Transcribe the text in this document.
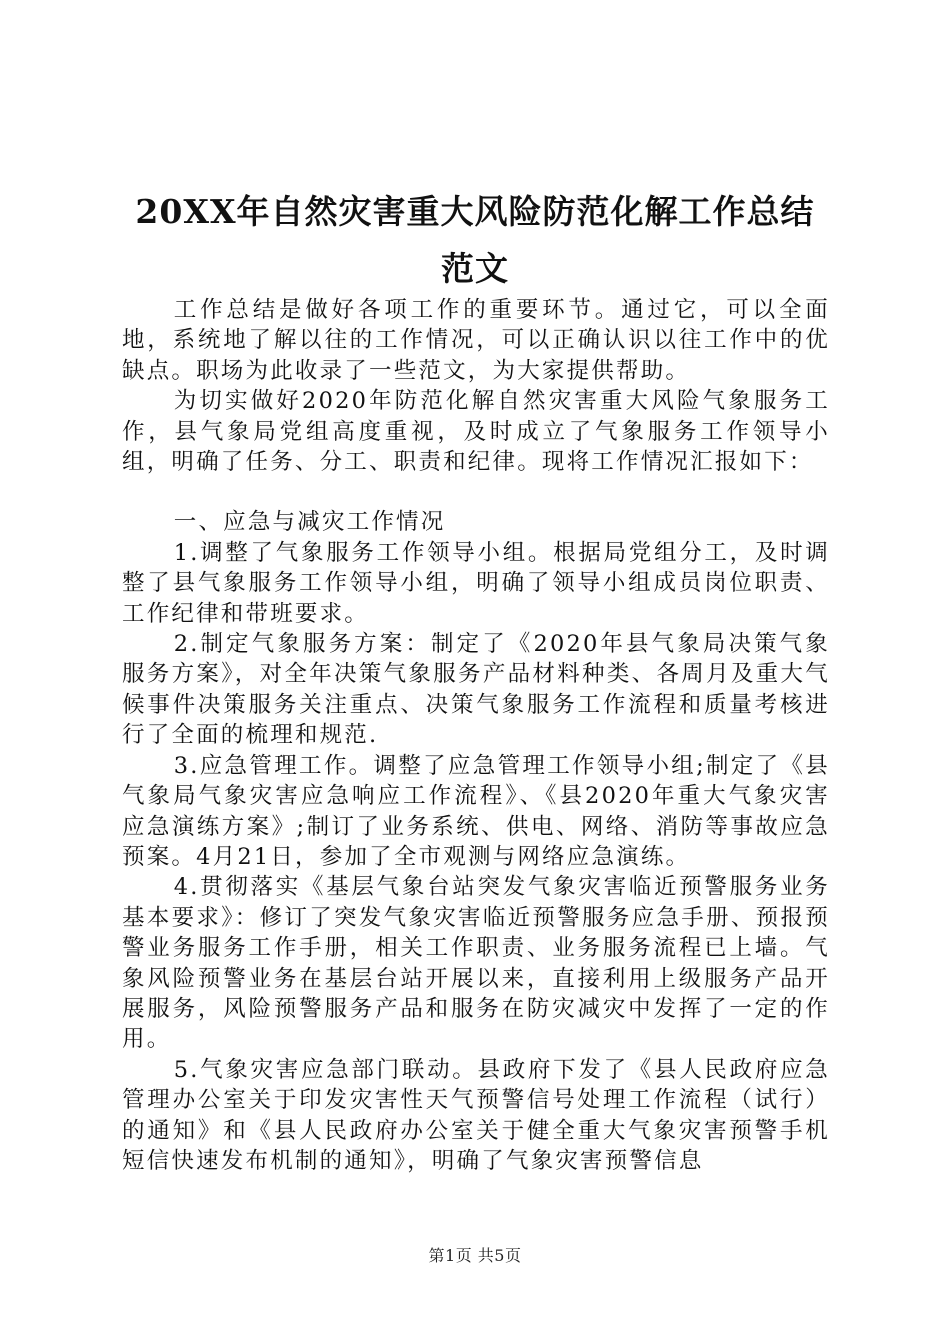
20XX年自然灾害重大风险防范化解工作总结
范文

工作总结是做好各项工作的重要环节。通过它，可以全面地，系统地了解以往的工作情况，可以正确认识以往工作中的优缺点。职场为此收录了一些范文，为大家提供帮助。

为切实做好2020年防范化解自然灾害重大风险气象服务工作，县气象局党组高度重视，及时成立了气象服务工作领导小组，明确了任务、分工、职责和纪律。现将工作情况汇报如下：

一、应急与减灾工作情况

1.调整了气象服务工作领导小组。根据局党组分工，及时调整了县气象服务工作领导小组，明确了领导小组成员岗位职责、工作纪律和带班要求。

2.制定气象服务方案：制定了《2020年县气象局决策气象服务方案》，对全年决策气象服务产品材料种类、各周月及重大气候事件决策服务关注重点、决策气象服务工作流程和质量考核进行了全面的梳理和规范.

3.应急管理工作。调整了应急管理工作领导小组;制定了《县气象局气象灾害应急响应工作流程》、《县2020年重大气象灾害应急演练方案》;制订了业务系统、供电、网络、消防等事故应急预案。4月21日，参加了全市观测与网络应急演练。

4.贯彻落实《基层气象台站突发气象灾害临近预警服务业务基本要求》：修订了突发气象灾害临近预警服务应急手册、预报预警业务服务工作手册，相关工作职责、业务服务流程已上墙。气象风险预警业务在基层台站开展以来，直接利用上级服务产品开展服务，风险预警服务产品和服务在防灾减灾中发挥了一定的作用。

5.气象灾害应急部门联动。县政府下发了《县人民政府应急管理办公室关于印发灾害性天气预警信号处理工作流程（试行）的通知》和《县人民政府办公室关于健全重大气象灾害预警手机短信快速发布机制的通知》，明确了气象灾害预警信息

第1页 共5页
